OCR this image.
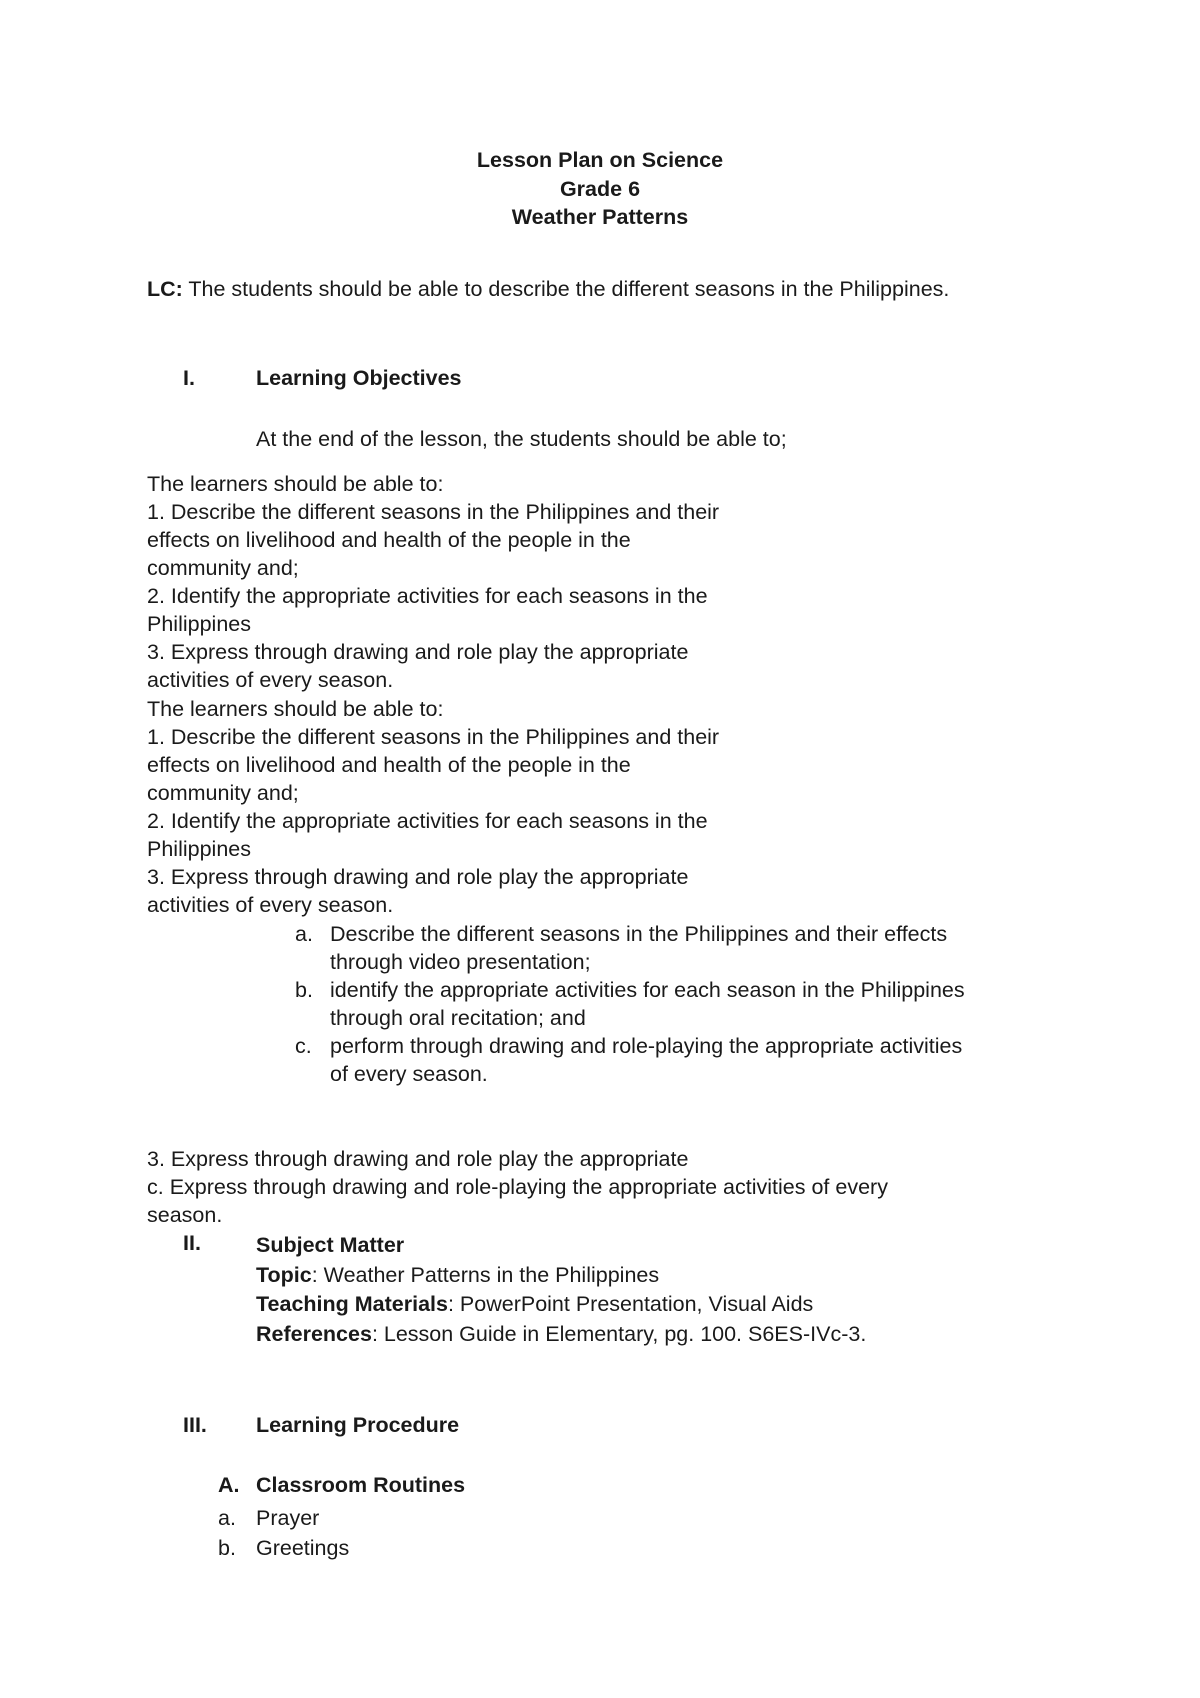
Lesson Plan on Science
Grade 6
Weather Patterns
LC: The students should be able to describe the different seasons in the Philippines.
I.	Learning Objectives
At the end of the lesson, the students should be able to;
The learners should be able to:
1. Describe the different seasons in the Philippines and their
effects on livelihood and health of the people in the
community and;
2. Identify the appropriate activities for each seasons in the
Philippines
3. Express through drawing and role play the appropriate
activities of every season.
The learners should be able to:
1. Describe the different seasons in the Philippines and their
effects on livelihood and health of the people in the
community and;
2. Identify the appropriate activities for each seasons in the
Philippines
3. Express through drawing and role play the appropriate
activities of every season.
a. Describe the different seasons in the Philippines and their effects
through video presentation;
b. identify the appropriate activities for each season in the Philippines
through oral recitation; and
c. perform through drawing and role-playing the appropriate activities
of every season.
3. Express through drawing and role play the appropriate
c. Express through drawing and role-playing the appropriate activities of every
season.
II.	Subject Matter
Topic: Weather Patterns in the Philippines
Teaching Materials: PowerPoint Presentation, Visual Aids
References: Lesson Guide in Elementary, pg. 100. S6ES-IVc-3.
III. Learning Procedure
A. Classroom Routines
a. Prayer
b. Greetings
